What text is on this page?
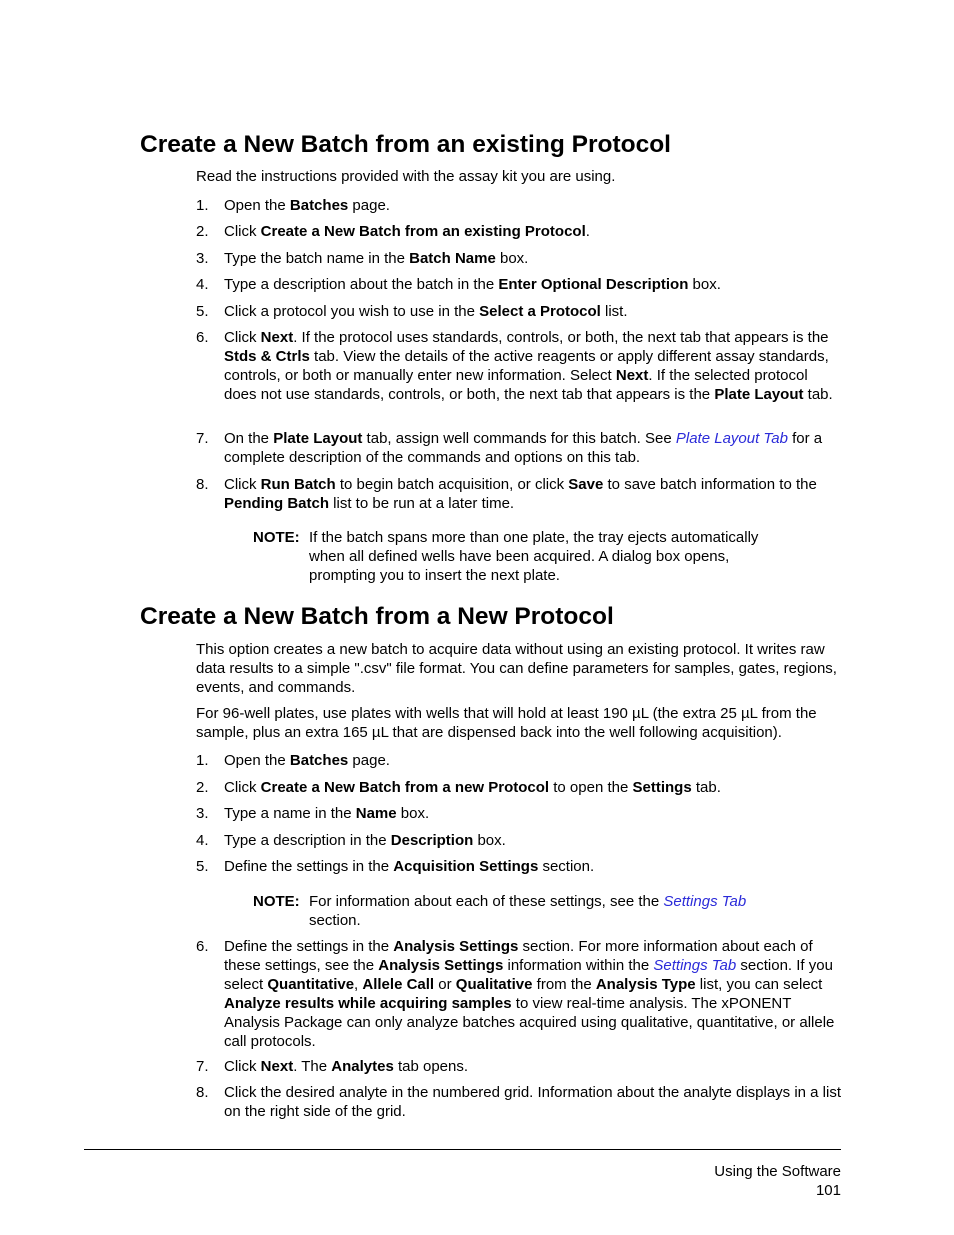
Create a New Batch from an existing Protocol

Read the instructions provided with the assay kit you are using.

1. Open the Batches page.
2. Click Create a New Batch from an existing Protocol.
3. Type the batch name in the Batch Name box.
4. Type a description about the batch in the Enter Optional Description box.
5. Click a protocol you wish to use in the Select a Protocol list.
6. Click Next. If the protocol uses standards, controls, or both, the next tab that appears is the Stds & Ctrls tab. View the details of the active reagents or apply different assay standards, controls, or both or manually enter new information. Select Next. If the selected protocol does not use standards, controls, or both, the next tab that appears is the Plate Layout tab.
7. On the Plate Layout tab, assign well commands for this batch. See Plate Layout Tab for a complete description of the commands and options on this tab.
8. Click Run Batch to begin batch acquisition, or click Save to save batch information to the Pending Batch list to be run at a later time.
NOTE: If the batch spans more than one plate, the tray ejects automatically when all defined wells have been acquired. A dialog box opens, prompting you to insert the next plate.
Create a New Batch from a New Protocol

This option creates a new batch to acquire data without using an existing protocol. It writes raw data results to a simple ".csv" file format. You can define parameters for samples, gates, regions, events, and commands.

For 96-well plates, use plates with wells that will hold at least 190 µL (the extra 25 µL from the sample, plus an extra 165 µL that are dispensed back into the well following acquisition).

1. Open the Batches page.
2. Click Create a New Batch from a new Protocol to open the Settings tab.
3. Type a name in the Name box.
4. Type a description in the Description box.
5. Define the settings in the Acquisition Settings section.
NOTE: For information about each of these settings, see the Settings Tab section.
6. Define the settings in the Analysis Settings section. For more information about each of these settings, see the Analysis Settings information within the Settings Tab section. If you select Quantitative, Allele Call or Qualitative from the Analysis Type list, you can select Analyze results while acquiring samples to view real-time analysis. The xPONENT Analysis Package can only analyze batches acquired using qualitative, quantitative, or allele call protocols.
7. Click Next. The Analytes tab opens.
8. Click the desired analyte in the numbered grid. Information about the analyte displays in a list on the right side of the grid.
Using the Software
101
